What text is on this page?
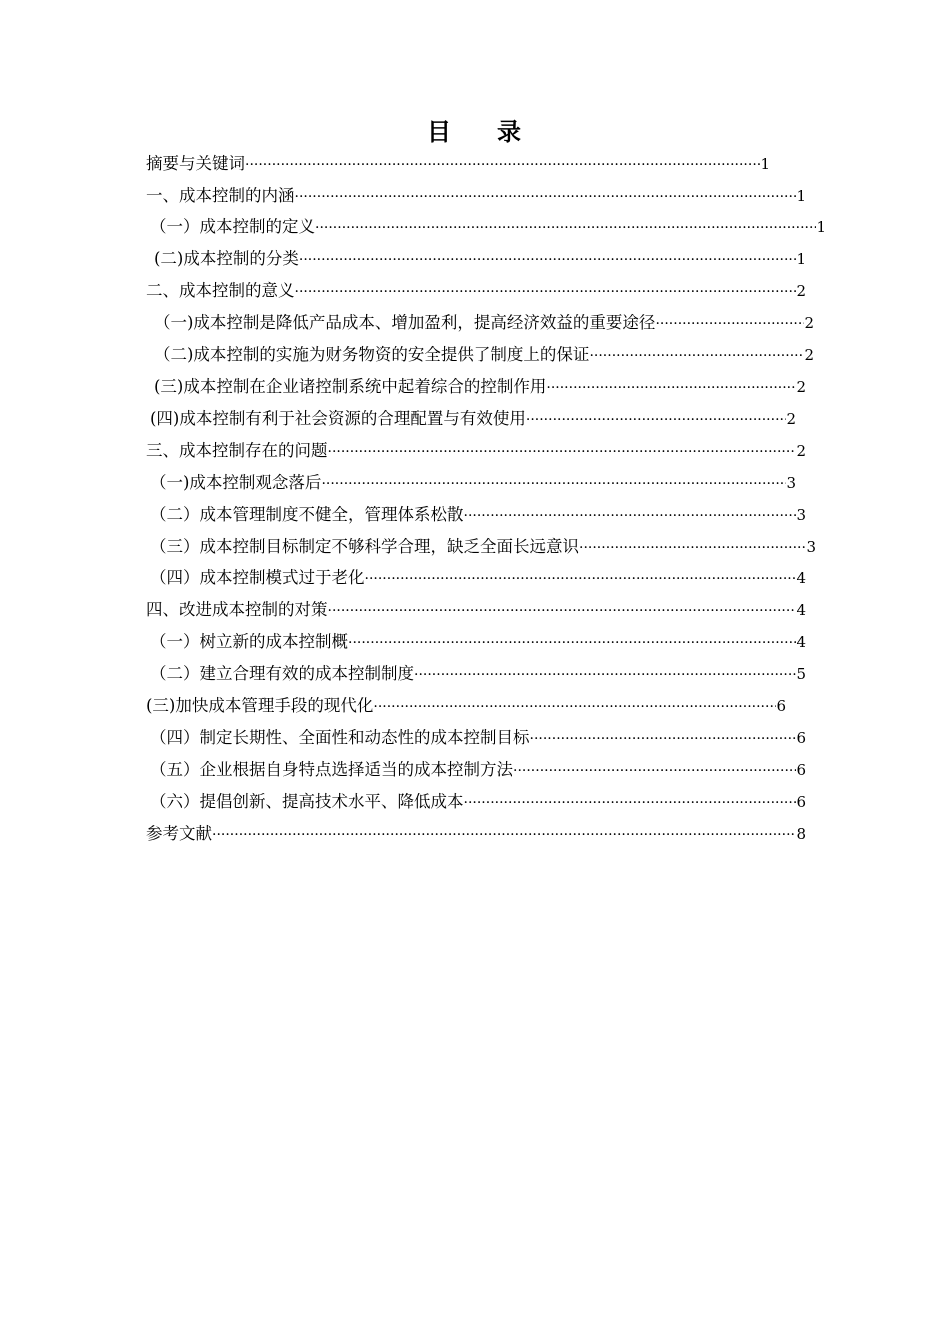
目 录
摘要与关键词 ·····	1
一、成本控制的内涵 ·····	1
（一）成本控制的定义 ·····	1
(二)成本控制的分类 ·····	1
二、成本控制的意义 ·····	2
（一)成本控制是降低产品成本、增加盈利，提高经济效益的重要途径 ·····	2
（二)成本控制的实施为财务物资的安全提供了制度上的保证 ·····	2
(三)成本控制在企业诸控制系统中起着综合的控制作用 ·····	2
(四)成本控制有利于社会资源的合理配置与有效使用 ·····	2
三、成本控制存在的问题 ·····	2
（一)成本控制观念落后 ·····	3
（二）成本管理制度不健全，管理体系松散 ·····	3
（三）成本控制目标制定不够科学合理，缺乏全面长远意识 ·····	3
（四）成本控制模式过于老化 ·····	4
四、改进成本控制的对策 ·····	4
（一）树立新的成本控制概 ·····	4
（二）建立合理有效的成本控制制度 ·····	5
(三)加快成本管理手段的现代化 ·····	6
（四）制定长期性、全面性和动态性的成本控制目标 ·····	6
（五）企业根据自身特点选择适当的成本控制方法 ·····	6
（六）提倡创新、提高技术水平、降低成本 ·····	6
参考文献 ·····	8
